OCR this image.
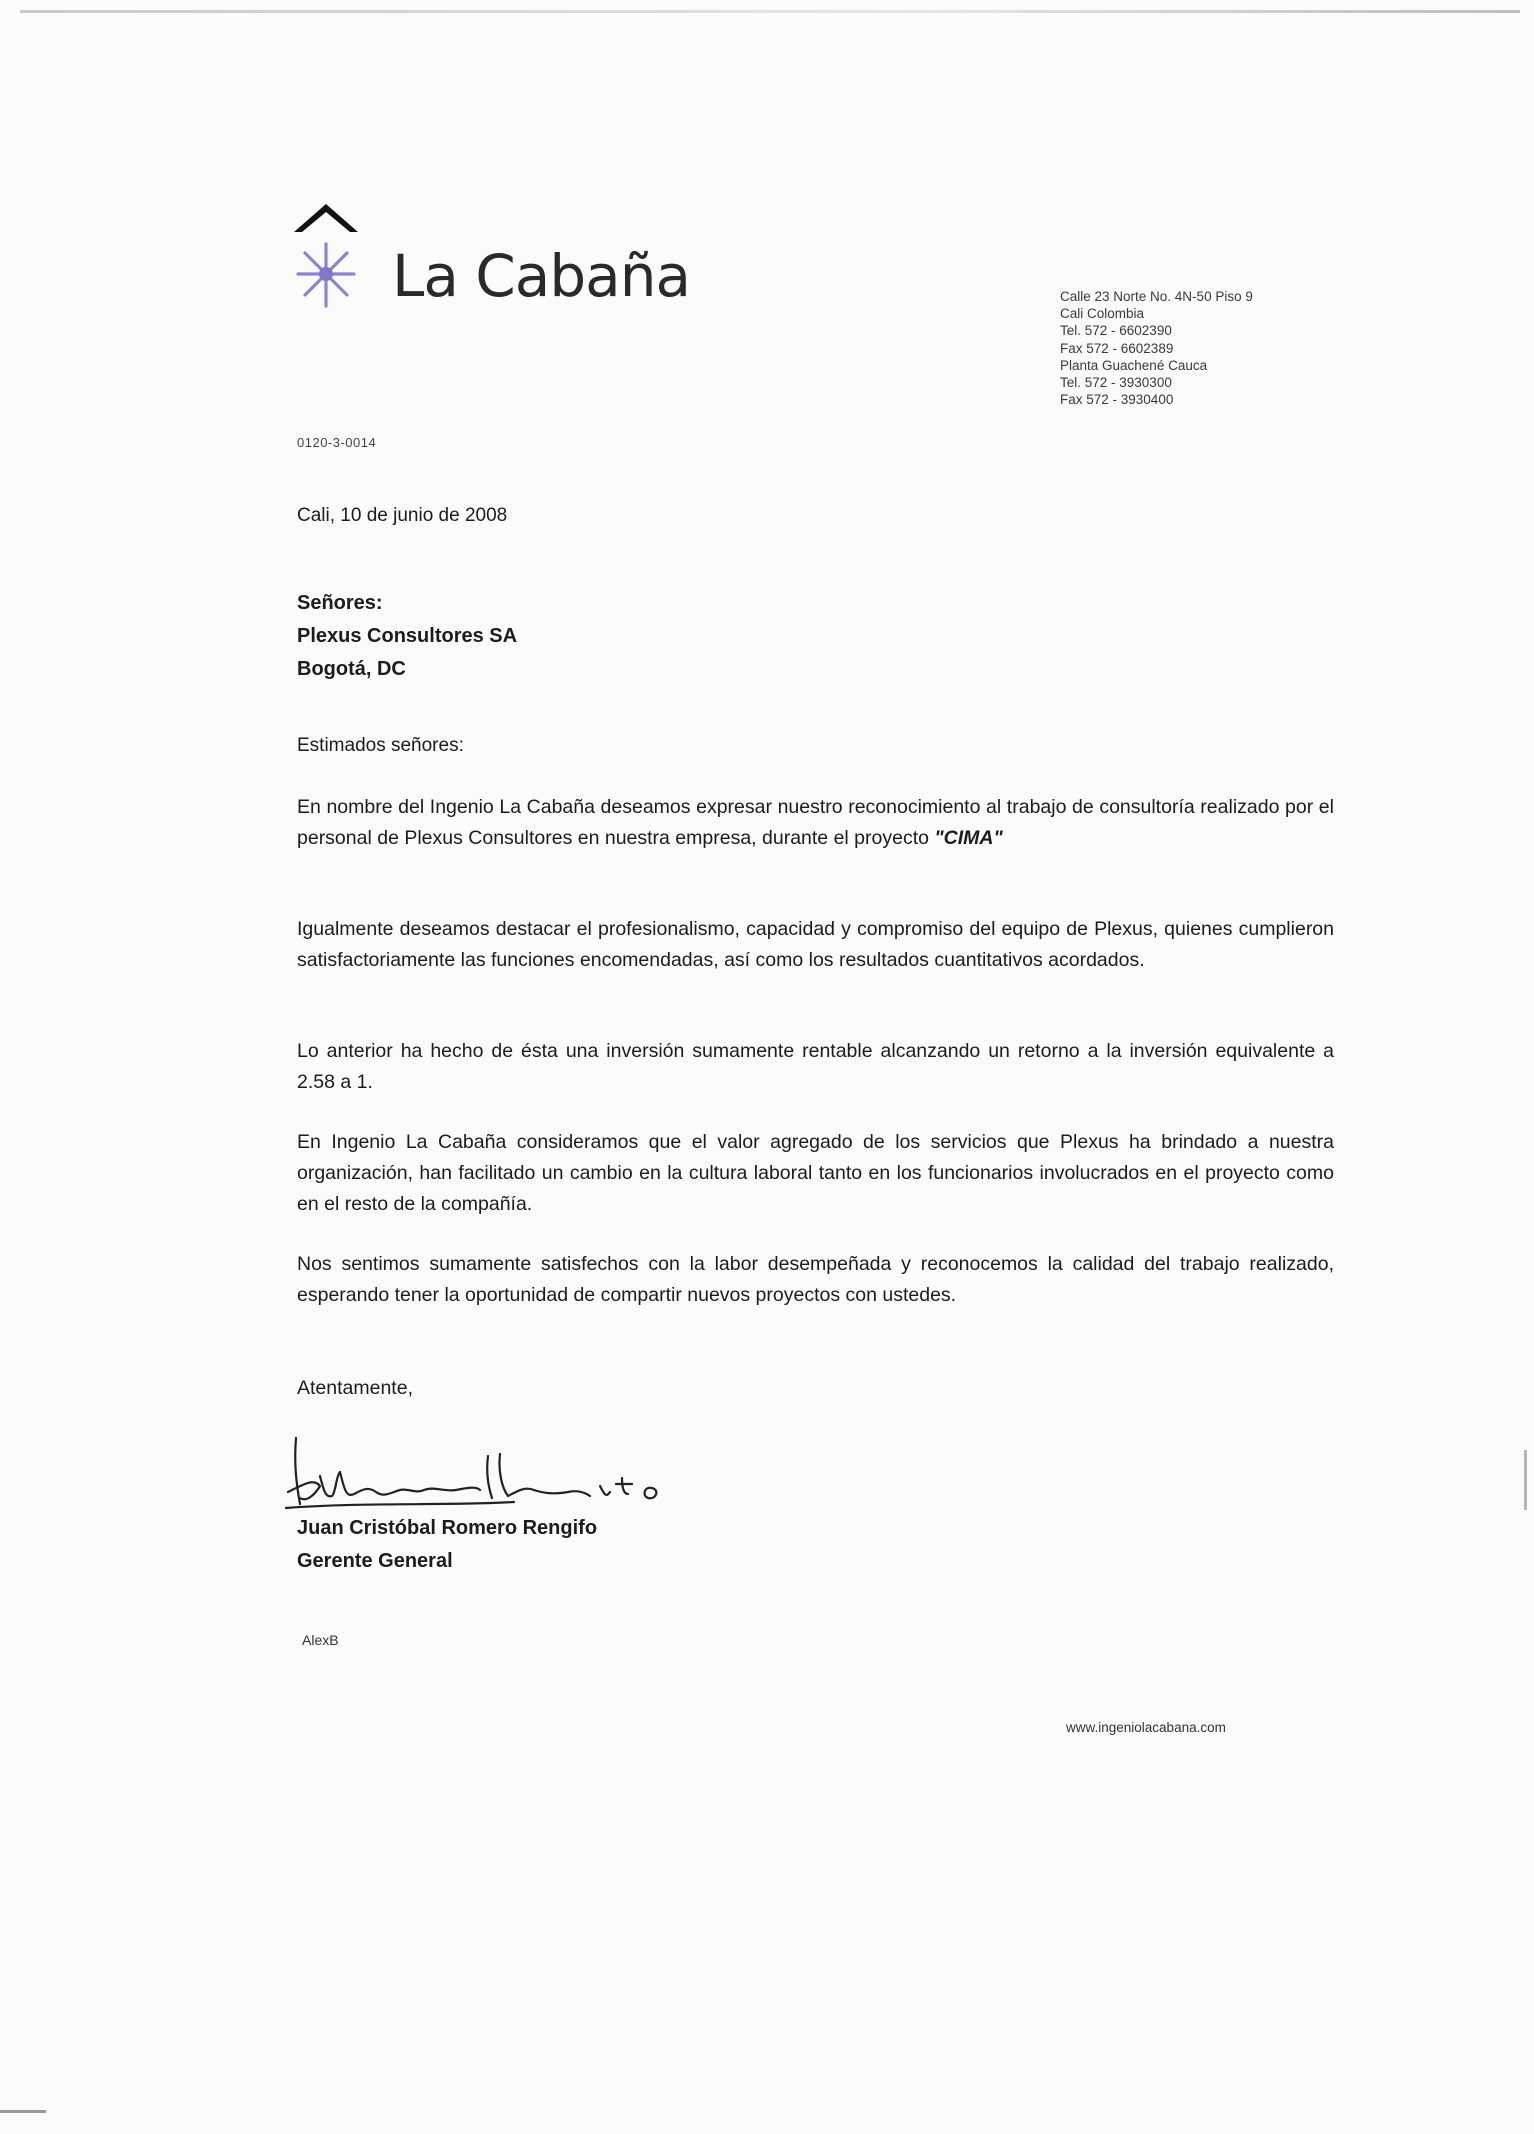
La Cabaña	Calle 23 Norte No. 4N-50 Piso 9
Cali Colombia
Tel. 572 - 6602390
Fax 572 - 6602389
Planta Guachené Cauca
Tel. 572 - 3930300
Fax 572 - 3930400
0120-3-0014
Cali, 10 de junio de 2008
Señores:
Plexus Consultores SA
Bogotá, DC
Estimados señores:
En nombre del Ingenio La Cabaña deseamos expresar nuestro reconocimiento al trabajo de consultoría realizado por el personal de Plexus Consultores en nuestra empresa, durante el proyecto "CIMA"
Igualmente deseamos destacar el profesionalismo, capacidad y compromiso del equipo de Plexus, quienes cumplieron satisfactoriamente las funciones encomendadas, así como los resultados cuantitativos acordados.
Lo anterior ha hecho de ésta una inversión sumamente rentable alcanzando un retorno a la inversión equivalente a 2.58 a 1.
En Ingenio La Cabaña consideramos que el valor agregado de los servicios que Plexus ha brindado a nuestra organización, han facilitado un cambio en la cultura laboral tanto en los funcionarios involucrados en el proyecto como en el resto de la compañía.
Nos sentimos sumamente satisfechos con la labor desempeñada y reconocemos la calidad del trabajo realizado, esperando tener la oportunidad de compartir nuevos proyectos con ustedes.
Atentamente,
Juan Cristóbal Romero Rengifo
Gerente General
AlexB
www.ingeniolacabana.com
